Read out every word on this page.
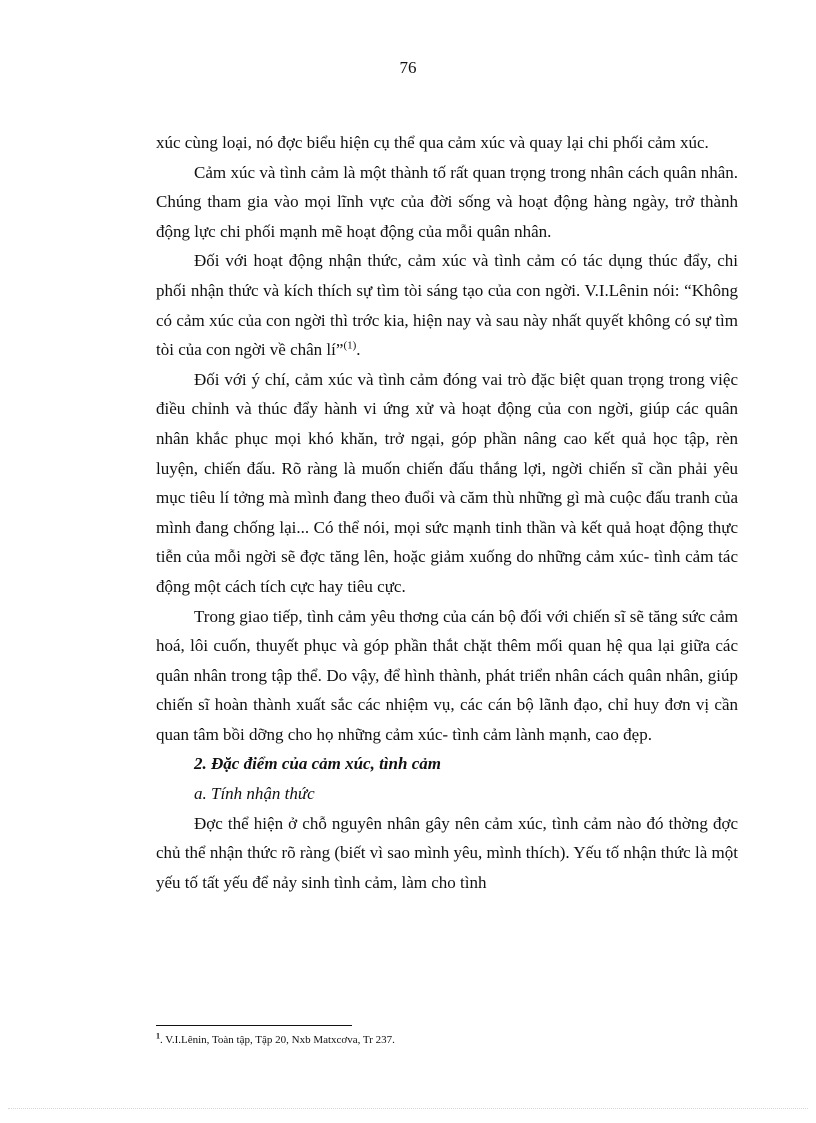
76

xúc cùng loại, nó đợc biểu hiện cụ thể qua cảm xúc và quay lại chi phối cảm xúc.

Cảm xúc và tình cảm là một thành tố rất quan trọng trong nhân cách quân nhân. Chúng tham gia vào mọi lĩnh vực của đời sống và hoạt động hàng ngày, trở thành động lực chi phối mạnh mẽ hoạt động của mỗi quân nhân.

Đối với hoạt động nhận thức, cảm xúc và tình cảm có tác dụng thúc đẩy, chi phối nhận thức và kích thích sự tìm tòi sáng tạo của con ngời. V.I.Lênin nói: “Không có cảm xúc của con ngời thì trớc kia, hiện nay và sau này nhất quyết không có sự tìm tòi của con ngời về chân lí”$^{(1)}$.

Đối với ý chí, cảm xúc và tình cảm đóng vai trò đặc biệt quan trọng trong việc điều chỉnh và thúc đẩy hành vi ứng xử và hoạt động của con ngời, giúp các quân nhân khắc phục mọi khó khăn, trở ngại, góp phần nâng cao kết quả học tập, rèn luyện, chiến đấu. Rõ ràng là muốn chiến đấu thắng lợi, ngời chiến sĩ cần phải yêu mục tiêu lí tởng mà mình đang theo đuổi và căm thù những gì mà cuộc đấu tranh của mình đang chống lại... Có thể nói, mọi sức mạnh tinh thần và kết quả hoạt động thực tiễn của mỗi ngời sẽ đợc tăng lên, hoặc giảm xuống do những cảm xúc- tình cảm tác động một cách tích cực hay tiêu cực.

Trong giao tiếp, tình cảm yêu thơng của cán bộ đối với chiến sĩ sẽ tăng sức cảm hoá, lôi cuốn, thuyết phục và góp phần thắt chặt thêm mối quan hệ qua lại giữa các quân nhân trong tập thể. Do vậy, để hình thành, phát triển nhân cách quân nhân, giúp chiến sĩ hoàn thành xuất sắc các nhiệm vụ, các cán bộ lãnh đạo, chỉ huy đơn vị cần quan tâm bồi dỡng cho họ những cảm xúc- tình cảm lành mạnh, cao đẹp.

2. Đặc điểm của cảm xúc, tình cảm

a. Tính nhận thức

Đợc thể hiện ở chỗ nguyên nhân gây nên cảm xúc, tình cảm nào đó thờng đợc chủ thể nhận thức rõ ràng (biết vì sao mình yêu, mình thích). Yếu tố nhận thức là một yếu tố tất yếu để nảy sinh tình cảm, làm cho tình

$^1$. V.I.Lênin, Toàn tập, Tập 20, Nxb Matxcơva, Tr 237.
